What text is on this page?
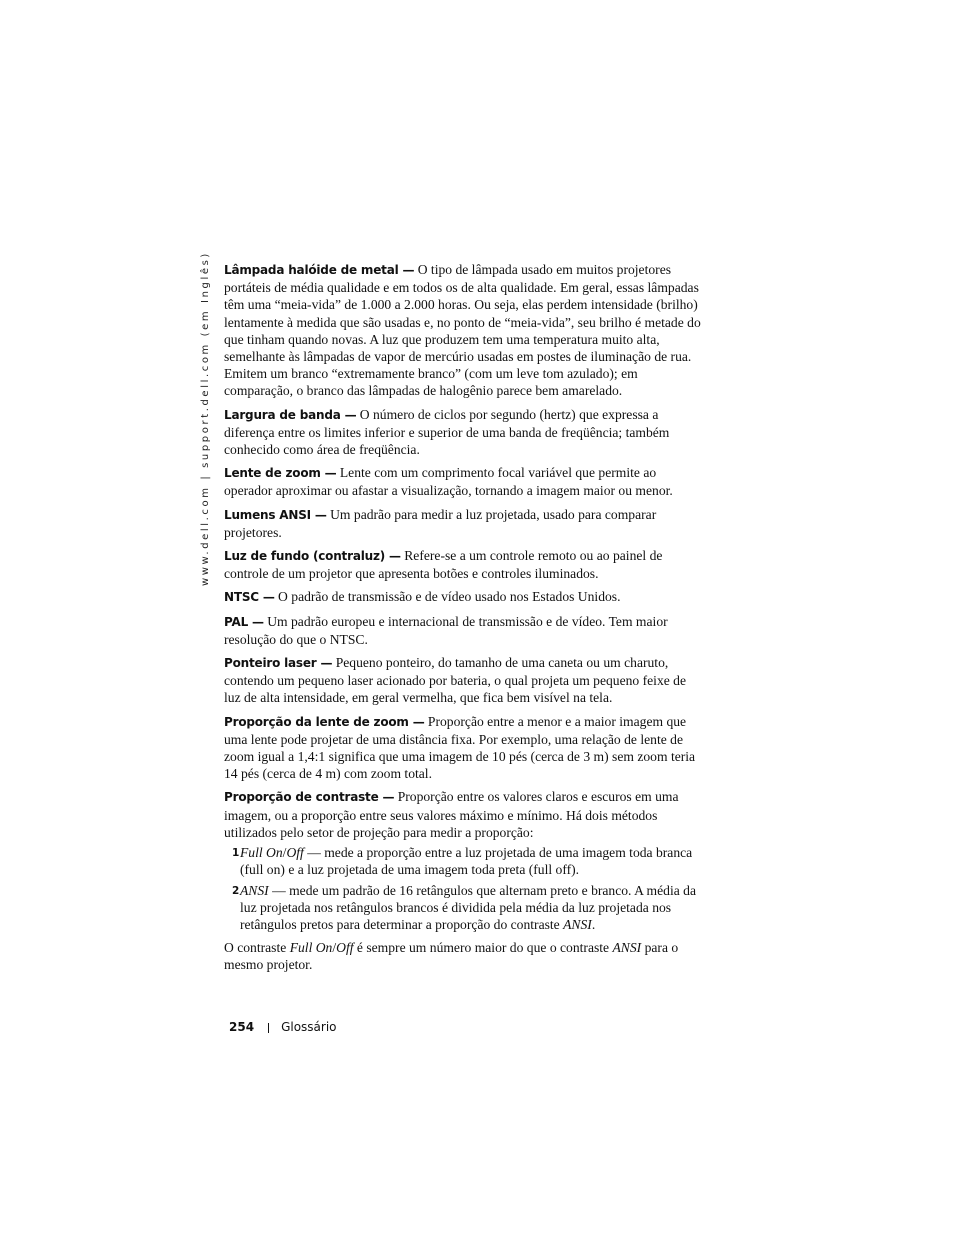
www.dell.com | support.dell.com (em Inglês)	Lâmpada halóide de metal — O tipo de lâmpada usado em muitos projetores portáteis de média qualidade e em todos os de alta qualidade. Em geral, essas lâmpadas têm uma “meia-vida” de 1.000 a 2.000 horas. Ou seja, elas perdem intensidade (brilho) lentamente à medida que são usadas e, no ponto de “meia-vida”, seu brilho é metade do que tinham quando novas. A luz que produzem tem uma temperatura muito alta, semelhante às lâmpadas de vapor de mercúrio usadas em postes de iluminação de rua. Emitem um branco “extremamente branco” (com um leve tom azulado); em comparação, o branco das lâmpadas de halogênio parece bem amarelado.

Largura de banda — O número de ciclos por segundo (hertz) que expressa a diferença entre os limites inferior e superior de uma banda de freqüência; também conhecido como área de freqüência.

Lente de zoom — Lente com um comprimento focal variável que permite ao operador aproximar ou afastar a visualização, tornando a imagem maior ou menor.

Lumens ANSI — Um padrão para medir a luz projetada, usado para comparar projetores.

Luz de fundo (contraluz) — Refere-se a um controle remoto ou ao painel de controle de um projetor que apresenta botões e controles iluminados.

NTSC — O padrão de transmissão e de vídeo usado nos Estados Unidos.

PAL — Um padrão europeu e internacional de transmissão e de vídeo. Tem maior resolução do que o NTSC.

Ponteiro laser — Pequeno ponteiro, do tamanho de uma caneta ou um charuto, contendo um pequeno laser acionado por bateria, o qual projeta um pequeno feixe de luz de alta intensidade, em geral vermelha, que fica bem visível na tela.

Proporção da lente de zoom — Proporção entre a menor e a maior imagem que uma lente pode projetar de uma distância fixa. Por exemplo, uma relação de lente de zoom igual a 1,4:1 significa que uma imagem de 10 pés (cerca de 3 m) sem zoom teria 14 pés (cerca de 4 m) com zoom total.

Proporção de contraste — Proporção entre os valores claros e escuros em uma imagem, ou a proporção entre seus valores máximo e mínimo. Há dois métodos utilizados pelo setor de projeção para medir a proporção:

1 Full On/Off — mede a proporção entre a luz projetada de uma imagem toda branca (full on) e a luz projetada de uma imagem toda preta (full off).
2 ANSI — mede um padrão de 16 retângulos que alternam preto e branco. A média da luz projetada nos retângulos brancos é dividida pela média da luz projetada nos retângulos pretos para determinar a proporção do contraste ANSI.

O contraste Full On/Off é sempre um número maior do que o contraste ANSI para o mesmo projetor.

254 Glossário
